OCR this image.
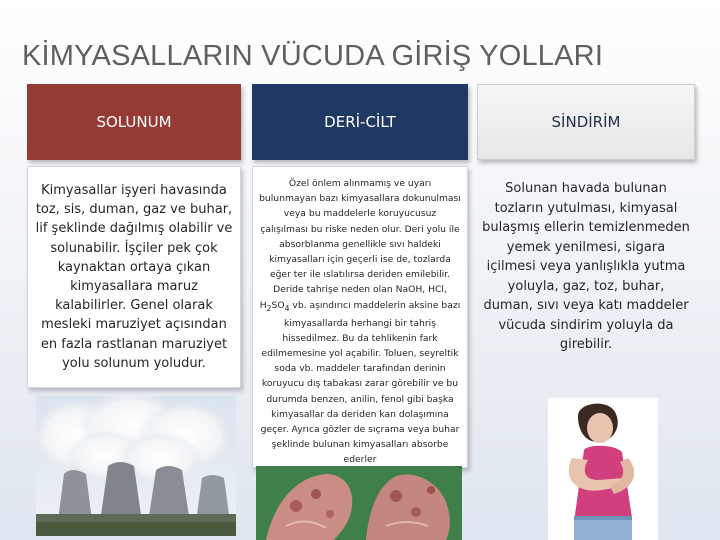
KİMYASALLARIN VÜCUDA GİRİŞ YOLLARI
SOLUNUM
Kimyasallar işyeri havasında toz, sis, duman, gaz ve buhar, lif şeklinde dağılmış olabilir ve solunabilir. İşçiler pek çok kaynaktan ortaya çıkan kimyasallara maruz kalabilirler. Genel olarak mesleki maruziyet açısından en fazla rastlanan maruziyet yolu solunum yoludur.
DERİ-CİLT
Özel önlem alınmamış ve uyarı bulunmayan bazı kimyasallara dokunulması veya bu maddelerle koruyucusuz çalışılması bu riske neden olur. Deri yolu ile absorblanma genellikle sıvı haldeki kimyasalları için geçerli ise de, tozlarda eğer ter ile ıslatılırsa deriden emilebilir. Deride tahrişe neden olan NaOH, HCl, $H_2SO_4$ vb. aşındırıcı maddelerin aksine bazı kimyasallarda herhangi bir tahriş hissedilmez. Bu da tehlikenin fark edilmemesine yol açabilir. Toluen, seyreltik soda vb. maddeler tarafından derinin koruyucu dış tabakası zarar görebilir ve bu durumda benzen, anilin, fenol gibi başka kimyasallar da deriden kan dolaşımına geçer. Ayrıca gözler de sıçrama veya buhar şeklinde bulunan kimyasalları absorbe ederler
SİNDİRİM
Solunan havada bulunan tozların yutulması, kimyasal bulaşmış ellerin temizlenmeden yemek yenilmesi, sigara içilmesi veya yanlışlıkla yutma yoluyla, gaz, toz, buhar, duman, sıvı veya katı maddeler vücuda sindirim yoluyla da girebilir.
